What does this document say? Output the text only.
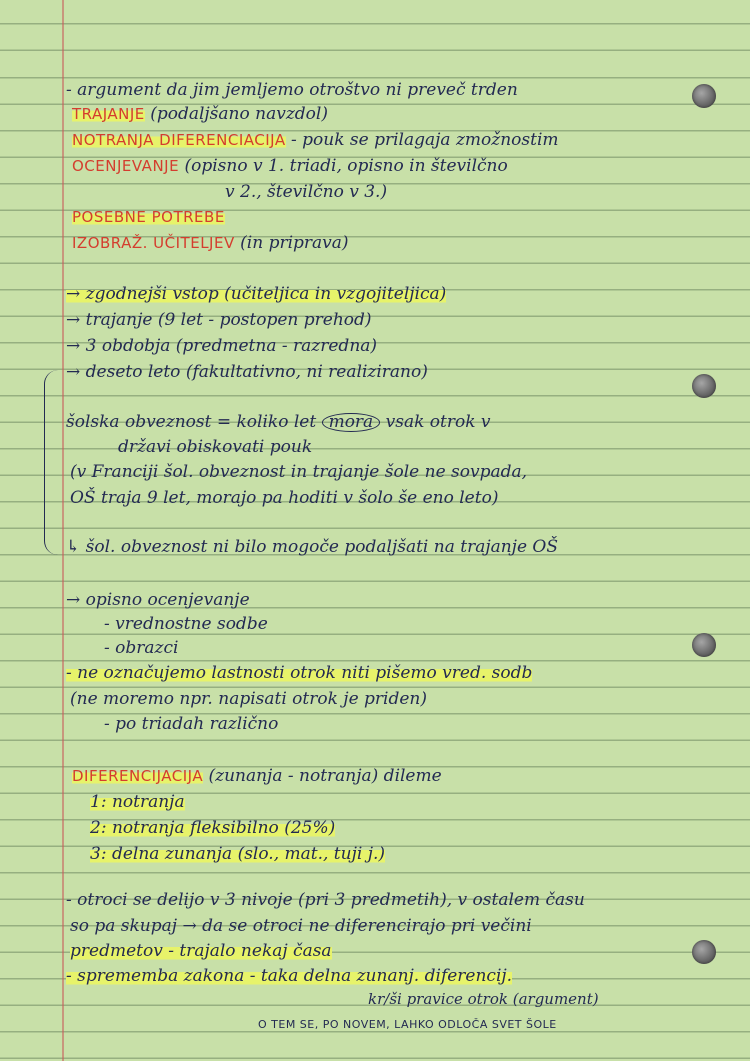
- argument da jim jemljemo otroštvo ni preveč trden
TRAJANJE (podaljšano navzdol)
NOTRANJA DIFERENCIACIJA - pouk se prilagaja zmožnostim
OCENJEVANJE (opisno v 1. triadi, opisno in številčno
v 2., številčno v 3.)
POSEBNE POTREBE
IZOBRAŽ. UČITELJEV (in priprava)
→ zgodnejši vstop (učiteljica in vzgojiteljica)
→ trajanje (9 let - postopen prehod)
→ 3 obdobja (predmetna - razredna)
→ deseto leto (fakultativno, ni realizirano)
šolska obveznost = koliko let mora vsak otrok v
državi obiskovati pouk
(v Franciji šol. obveznost in trajanje šole ne sovpada,
OŠ traja 9 let, morajo pa hoditi v šolo še eno leto)
↳ šol. obveznost ni bilo mogoče podaljšati na trajanje OŠ
→ opisno ocenjevanje
- vrednostne sodbe
- obrazci
- ne označujemo lastnosti otrok niti pišemo vred. sodb
(ne moremo npr. napisati otrok je priden)
- po triadah različno
DIFERENCIJACIJA (zunanja - notranja) dileme
1: notranja
2: notranja fleksibilno (25%)
3: delna zunanja (slo., mat., tuji j.)
- otroci se delijo v 3 nivoje (pri 3 predmetih), v ostalem času
so pa skupaj → da se otroci ne diferencirajo pri večini
predmetov - trajalo nekaj časa
- sprememba zakona - taka delna zunanj. diferencij.
kr/ši pravice otrok (argument)
O TEM SE, PO NOVEM, LAHKO ODLOČA SVET ŠOLE
